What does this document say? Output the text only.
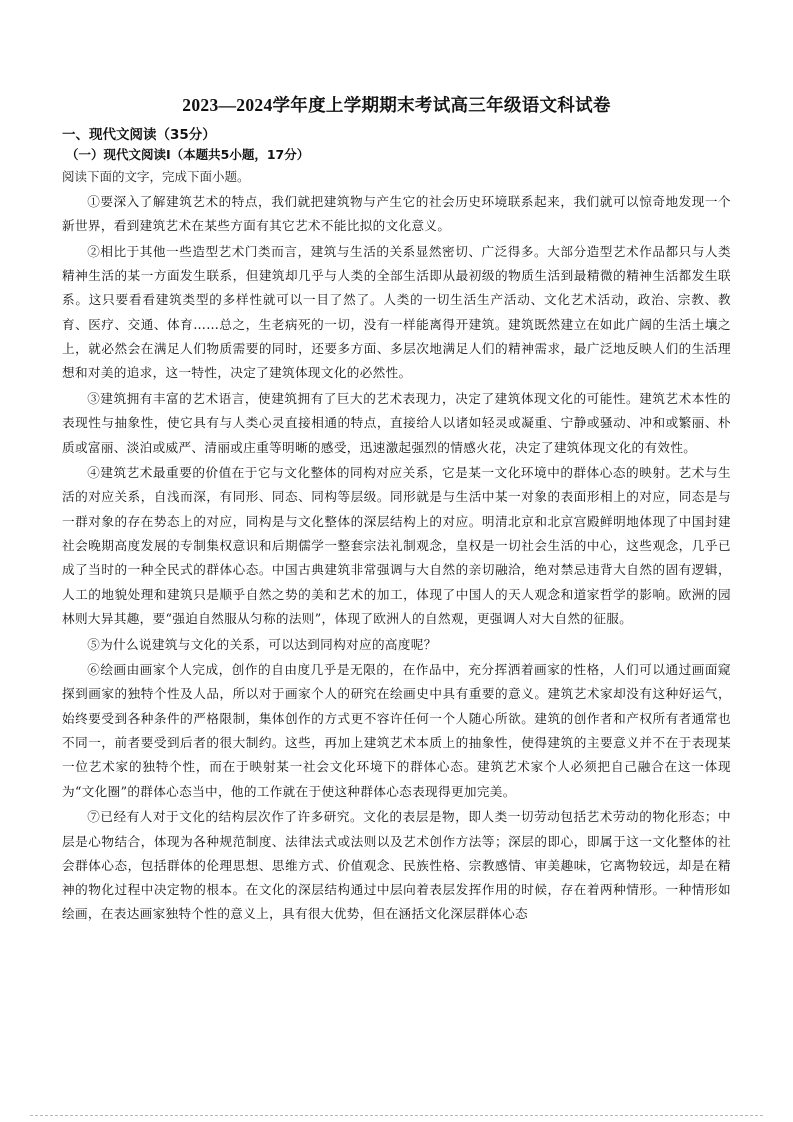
2023—2024学年度上学期期末考试高三年级语文科试卷
一、现代文阅读（35分）
（一）现代文阅读Ⅰ（本题共5小题，17分）

阅读下面的文字，完成下面小题。

①要深入了解建筑艺术的特点，我们就把建筑物与产生它的社会历史环境联系起来，我们就可以惊奇地发现一个新世界，看到建筑艺术在某些方面有其它艺术不能比拟的文化意义。

②相比于其他一些造型艺术门类而言，建筑与生活的关系显然密切、广泛得多。大部分造型艺术作品都只与人类精神生活的某一方面发生联系，但建筑却几乎与人类的全部生活即从最初级的物质生活到最精微的精神生活都发生联系。这只要看看建筑类型的多样性就可以一目了然了。人类的一切生活生产活动、文化艺术活动，政治、宗教、教育、医疗、交通、体育……总之，生老病死的一切，没有一样能离得开建筑。建筑既然建立在如此广阔的生活土壤之上，就必然会在满足人们物质需要的同时，还要多方面、多层次地满足人们的精神需求，最广泛地反映人们的生活理想和对美的追求，这一特性，决定了建筑体现文化的必然性。

③建筑拥有丰富的艺术语言，使建筑拥有了巨大的艺术表现力，决定了建筑体现文化的可能性。建筑艺术本性的表现性与抽象性，使它具有与人类心灵直接相通的特点，直接给人以诸如轻灵或凝重、宁静或骚动、冲和或繁丽、朴质或富丽、淡泊或威严、清丽或庄重等明晰的感受，迅速激起强烈的情感火花，决定了建筑体现文化的有效性。

④建筑艺术最重要的价值在于它与文化整体的同构对应关系，它是某一文化环境中的群体心态的映射。艺术与生活的对应关系，自浅而深，有同形、同态、同构等层级。同形就是与生活中某一对象的表面形相上的对应，同态是与一群对象的存在势态上的对应，同构是与文化整体的深层结构上的对应。明清北京和北京宫殿鲜明地体现了中国封建社会晚期高度发展的专制集权意识和后期儒学一整套宗法礼制观念，皇权是一切社会生活的中心，这些观念，几乎已成了当时的一种全民式的群体心态。中国古典建筑非常强调与大自然的亲切融洽，绝对禁忌违背大自然的固有逻辑，人工的地貌处理和建筑只是顺乎自然之势的美和艺术的加工，体现了中国人的天人观念和道家哲学的影响。欧洲的园林则大异其趣，要“强迫自然服从匀称的法则”，体现了欧洲人的自然观，更强调人对大自然的征服。

⑤为什么说建筑与文化的关系，可以达到同构对应的高度呢？

⑥绘画由画家个人完成，创作的自由度几乎是无限的，在作品中，充分挥洒着画家的性格，人们可以通过画面窥探到画家的独特个性及人品，所以对于画家个人的研究在绘画史中具有重要的意义。建筑艺术家却没有这种好运气，始终要受到各种条件的严格限制，集体创作的方式更不容许任何一个人随心所欲。建筑的创作者和产权所有者通常也不同一，前者要受到后者的很大制约。这些，再加上建筑艺术本质上的抽象性，使得建筑的主要意义并不在于表现某一位艺术家的独特个性，而在于映射某一社会文化环境下的群体心态。建筑艺术家个人必须把自己融合在这一体现为“文化圈”的群体心态当中，他的工作就在于使这种群体心态表现得更加完美。

⑦已经有人对于文化的结构层次作了许多研究。文化的表层是物，即人类一切劳动包括艺术劳动的物化形态；中层是心物结合，体现为各种规范制度、法律法式或法则以及艺术创作方法等；深层的即心，即属于这一文化整体的社会群体心态，包括群体的伦理思想、思维方式、价值观念、民族性格、宗教感情、审美趣味，它离物较远，却是在精神的物化过程中决定物的根本。在文化的深层结构通过中层向着表层发挥作用的时候，存在着两种情形。一种情形如绘画，在表达画家独特个性的意义上，具有很大优势，但在涵括文化深层群体心态
